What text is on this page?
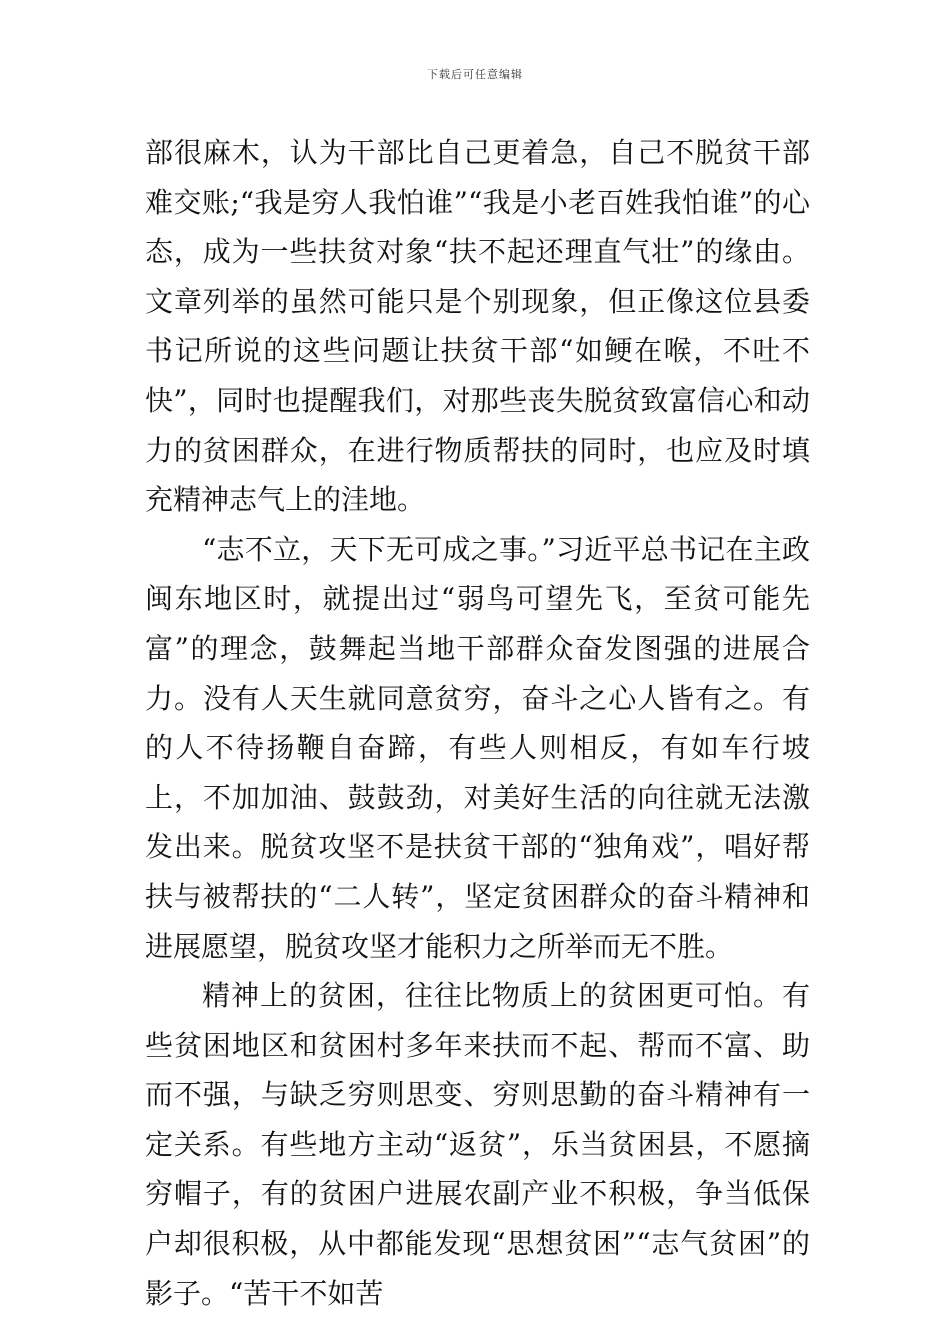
下载后可任意编辑

部很麻木，认为干部比自己更着急，自己不脱贫干部难交账;“我是穷人我怕谁”“我是小老百姓我怕谁”的心态，成为一些扶贫对象“扶不起还理直气壮”的缘由。文章列举的虽然可能只是个别现象，但正像这位县委书记所说的这些问题让扶贫干部“如鲠在喉，不吐不快”，同时也提醒我们，对那些丧失脱贫致富信心和动力的贫困群众，在进行物质帮扶的同时，也应及时填充精神志气上的洼地。

“志不立，天下无可成之事。”习近平总书记在主政闽东地区时，就提出过“弱鸟可望先飞，至贫可能先富”的理念，鼓舞起当地干部群众奋发图强的进展合力。没有人天生就同意贫穷，奋斗之心人皆有之。有的人不待扬鞭自奋蹄，有些人则相反，有如车行坡上，不加加油、鼓鼓劲，对美好生活的向往就无法激发出来。脱贫攻坚不是扶贫干部的“独角戏”，唱好帮扶与被帮扶的“二人转”，坚定贫困群众的奋斗精神和进展愿望，脱贫攻坚才能积力之所举而无不胜。

精神上的贫困，往往比物质上的贫困更可怕。有些贫困地区和贫困村多年来扶而不起、帮而不富、助而不强，与缺乏穷则思变、穷则思勤的奋斗精神有一定关系。有些地方主动“返贫”，乐当贫困县，不愿摘穷帽子，有的贫困户进展农副产业不积极，争当低保户却很积极，从中都能发现“思想贫困”“志气贫困”的影子。“苦干不如苦
